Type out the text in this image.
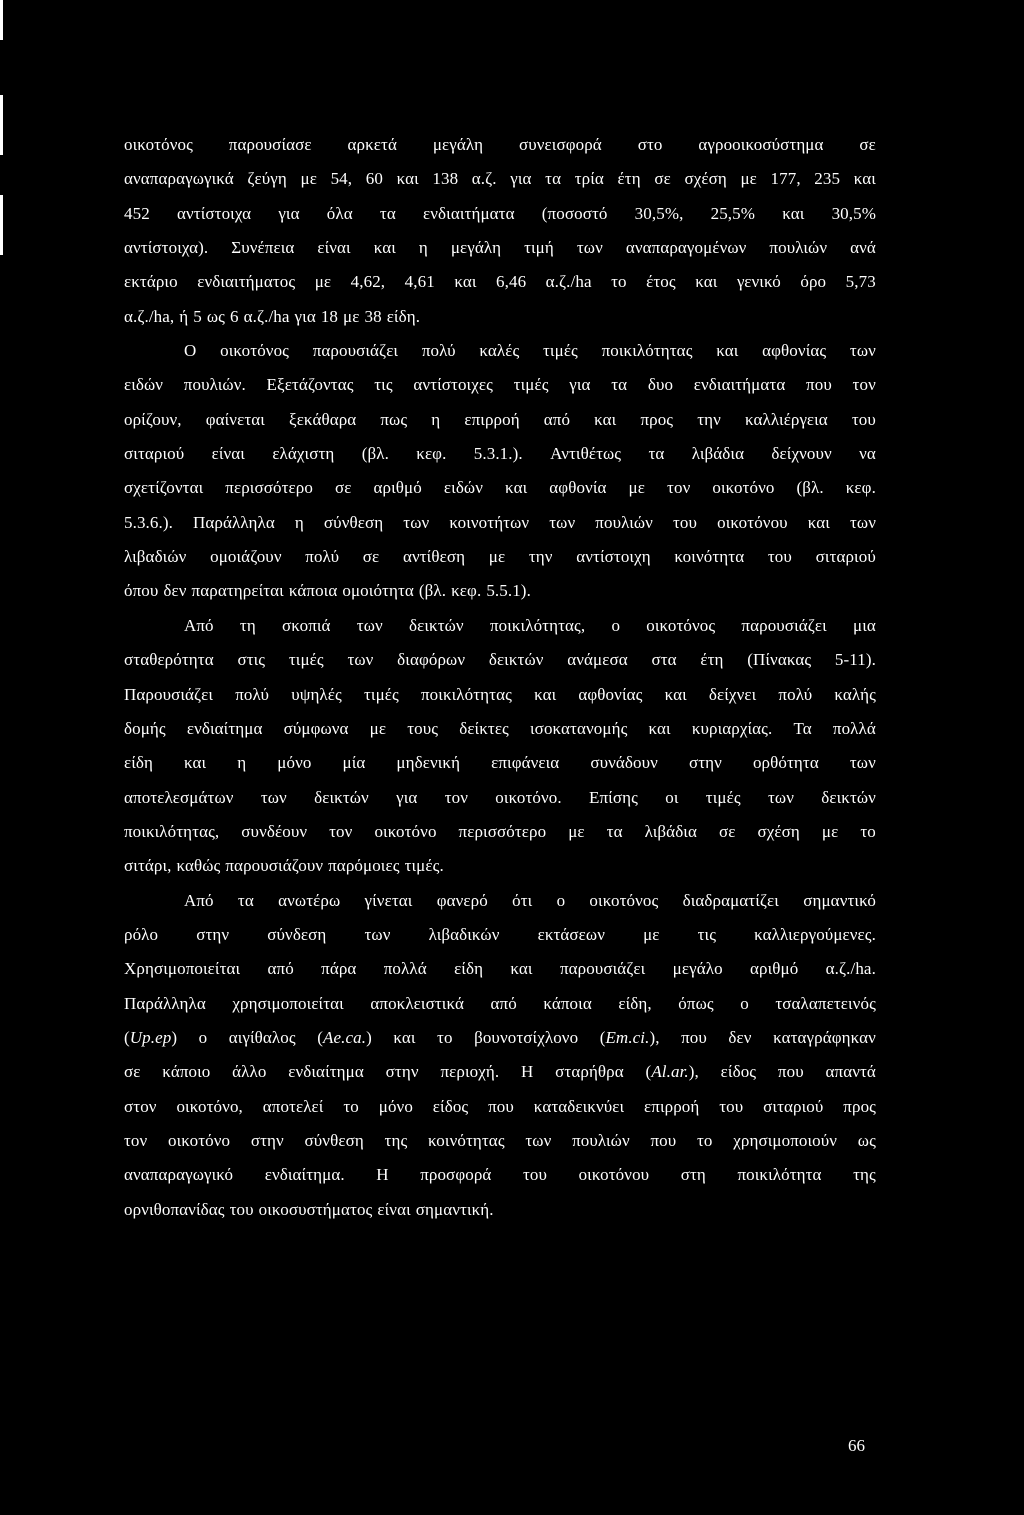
οικοτόνος παρουσίασε αρκετά μεγάλη συνεισφορά στο αγροοικοσύστημα σε
αναπαραγωγικά ζεύγη με 54, 60 και 138 α.ζ. για τα τρία έτη σε σχέση με 177, 235 και
452 αντίστοιχα για όλα τα ενδιαιτήματα (ποσοστό 30,5%, 25,5% και 30,5%
αντίστοιχα). Συνέπεια είναι και η μεγάλη τιμή των αναπαραγομένων πουλιών ανά
εκτάριο ενδιαιτήματος με 4,62, 4,61 και 6,46 α.ζ./ha το έτος και γενικό όρο 5,73
α.ζ./ha, ή 5 ως 6 α.ζ./ha για 18 με 38 είδη.
Ο οικοτόνος παρουσιάζει πολύ καλές τιμές ποικιλότητας και αφθονίας των
ειδών πουλιών. Εξετάζοντας τις αντίστοιχες τιμές για τα δυο ενδιαιτήματα που τον
ορίζουν, φαίνεται ξεκάθαρα πως η επιρροή από και προς την καλλιέργεια του
σιταριού είναι ελάχιστη (βλ. κεφ. 5.3.1.). Αντιθέτως τα λιβάδια δείχνουν να
σχετίζονται περισσότερο σε αριθμό ειδών και αφθονία με τον οικοτόνο (βλ. κεφ.
5.3.6.). Παράλληλα η σύνθεση των κοινοτήτων των πουλιών του οικοτόνου και των
λιβαδιών ομοιάζουν πολύ σε αντίθεση με την αντίστοιχη κοινότητα του σιταριού
όπου δεν παρατηρείται κάποια ομοιότητα (βλ. κεφ. 5.5.1).
Από τη σκοπιά των δεικτών ποικιλότητας, ο οικοτόνος παρουσιάζει μια
σταθερότητα στις τιμές των διαφόρων δεικτών ανάμεσα στα έτη (Πίνακας 5-11).
Παρουσιάζει πολύ υψηλές τιμές ποικιλότητας και αφθονίας και δείχνει πολύ καλής
δομής ενδιαίτημα σύμφωνα με τους δείκτες ισοκατανομής και κυριαρχίας. Τα πολλά
είδη και η μόνο μία μηδενική επιφάνεια συνάδουν στην ορθότητα των
αποτελεσμάτων των δεικτών για τον οικοτόνο. Επίσης οι τιμές των δεικτών
ποικιλότητας, συνδέουν τον οικοτόνο περισσότερο με τα λιβάδια σε σχέση με το
σιτάρι, καθώς παρουσιάζουν παρόμοιες τιμές.
Από τα ανωτέρω γίνεται φανερό ότι ο οικοτόνος διαδραματίζει σημαντικό
ρόλο στην σύνδεση των λιβαδικών εκτάσεων με τις καλλιεργούμενες.
Χρησιμοποιείται από πάρα πολλά είδη και παρουσιάζει μεγάλο αριθμό α.ζ./ha.
Παράλληλα χρησιμοποιείται αποκλειστικά από κάποια είδη, όπως ο τσαλαπετεινός
(Up.ep) ο αιγίθαλος (Ae.ca.) και το βουνοτσίχλονο (Em.ci.), που δεν καταγράφηκαν
σε κάποιο άλλο ενδιαίτημα στην περιοχή. Η σταρήθρα (Al.ar.), είδος που απαντά
στον οικοτόνο, αποτελεί το μόνο είδος που καταδεικνύει επιρροή του σιταριού προς
τον οικοτόνο στην σύνθεση της κοινότητας των πουλιών που το χρησιμοποιούν ως
αναπαραγωγικό ενδιαίτημα. Η προσφορά του οικοτόνου στη ποικιλότητα της
ορνιθοπανίδας του οικοσυστήματος είναι σημαντική.
66
